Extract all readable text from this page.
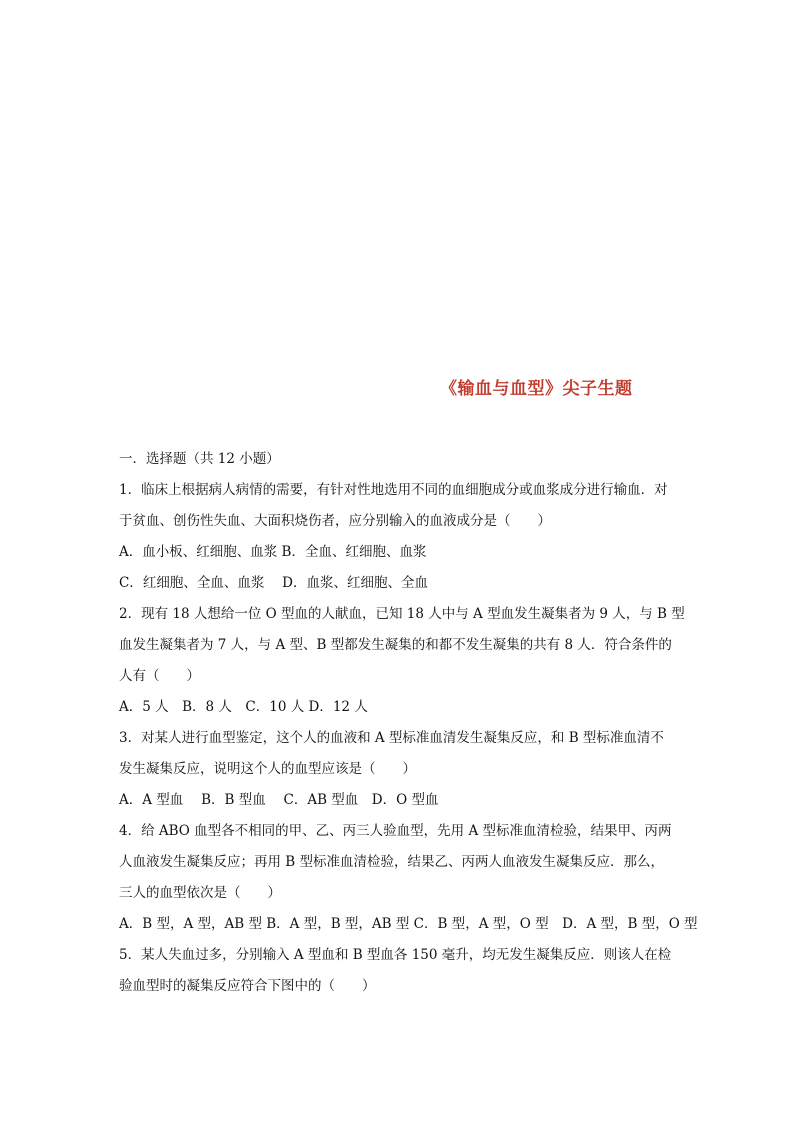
《输血与血型》尖子生题
一．选择题（共 12 小题）
1．临床上根据病人病情的需要，有针对性地选用不同的血细胞成分或血浆成分进行输血．对
于贫血、创伤性失血、大面积烧伤者，应分别输入的血液成分是（　　）
A．血小板、红细胞、血浆 B．全血、红细胞、血浆
C．红细胞、全血、血浆　 D．血浆、红细胞、全血
2．现有 18 人想给一位 O 型血的人献血，已知 18 人中与 A 型血发生凝集者为 9 人，与 B 型
血发生凝集者为 7 人，与 A 型、B 型都发生凝集的和都不发生凝集的共有 8 人．符合条件的
人有（　　）
A．5 人　B．8 人　C．10 人 D．12 人
3．对某人进行血型鉴定，这个人的血液和 A 型标准血清发生凝集反应，和 B 型标准血清不
发生凝集反应，说明这个人的血型应该是（　　）
A．A 型血　 B．B 型血　 C．AB 型血　D．O 型血
4．给 ABO 血型各不相同的甲、乙、丙三人验血型，先用 A 型标准血清检验，结果甲、丙两
人血液发生凝集反应；再用 B 型标准血清检验，结果乙、丙两人血液发生凝集反应．那么，
三人的血型依次是（　　）
A．B 型，A 型，AB 型 B．A 型，B 型，AB 型 C．B 型，A 型，O 型　D．A 型，B 型，O 型
5．某人失血过多，分别输入 A 型血和 B 型血各 150 毫升，均无发生凝集反应．则该人在检
验血型时的凝集反应符合下图中的（　　）
